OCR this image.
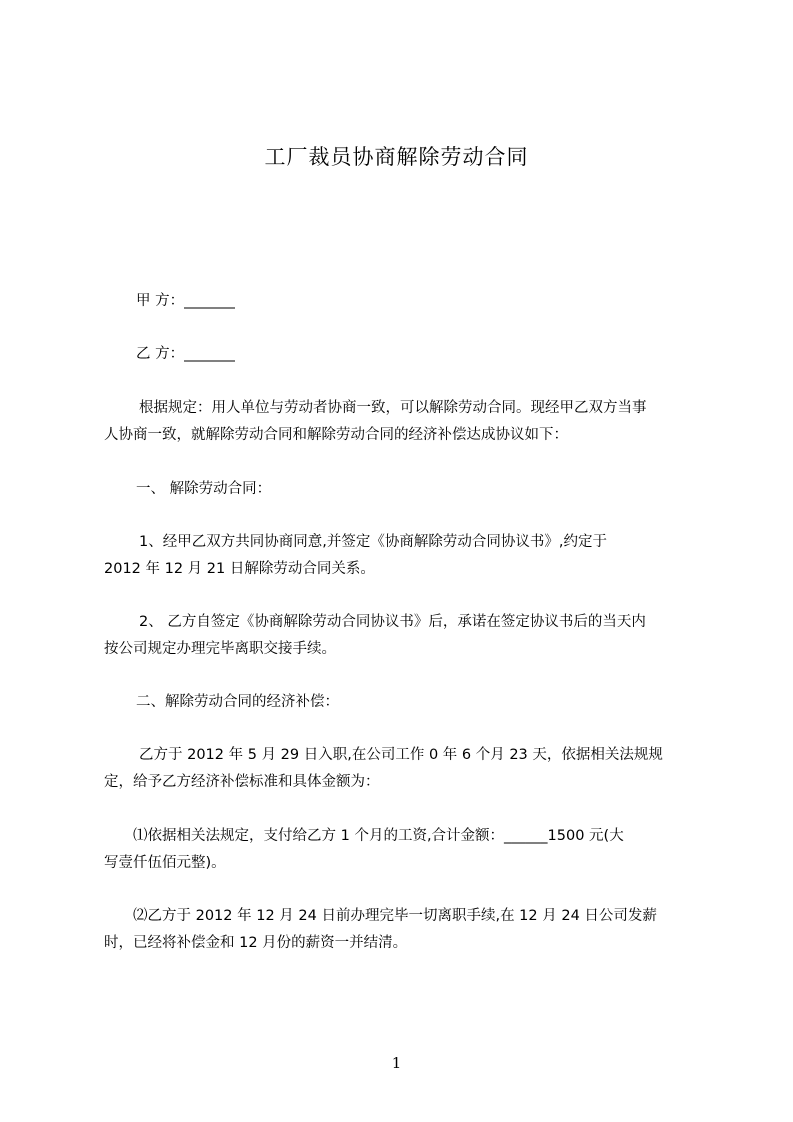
工厂裁员协商解除劳动合同
甲 方：_______
乙 方：_______
根据规定：用人单位与劳动者协商一致，可以解除劳动合同。现经甲乙双方当事
人协商一致，就解除劳动合同和解除劳动合同的经济补偿达成协议如下：
一、 解除劳动合同：
1、经甲乙双方共同协商同意,并签定《协商解除劳动合同协议书》,约定于
2012 年 12 月 21 日解除劳动合同关系。
2、 乙方自签定《协商解除劳动合同协议书》后，承诺在签定协议书后的当天内
按公司规定办理完毕离职交接手续。
二、解除劳动合同的经济补偿：
乙方于 2012 年 5 月 29 日入职,在公司工作 0 年 6 个月 23 天，依据相关法规规
定，给予乙方经济补偿标准和具体金额为：
⑴依据相关法规定，支付给乙方 1 个月的工资,合计金额：______1500 元(大
写壹仟伍佰元整)。
⑵乙方于 2012 年 12 月 24 日前办理完毕一切离职手续,在 12 月 24 日公司发薪
时，已经将补偿金和 12 月份的薪资一并结清。
1
